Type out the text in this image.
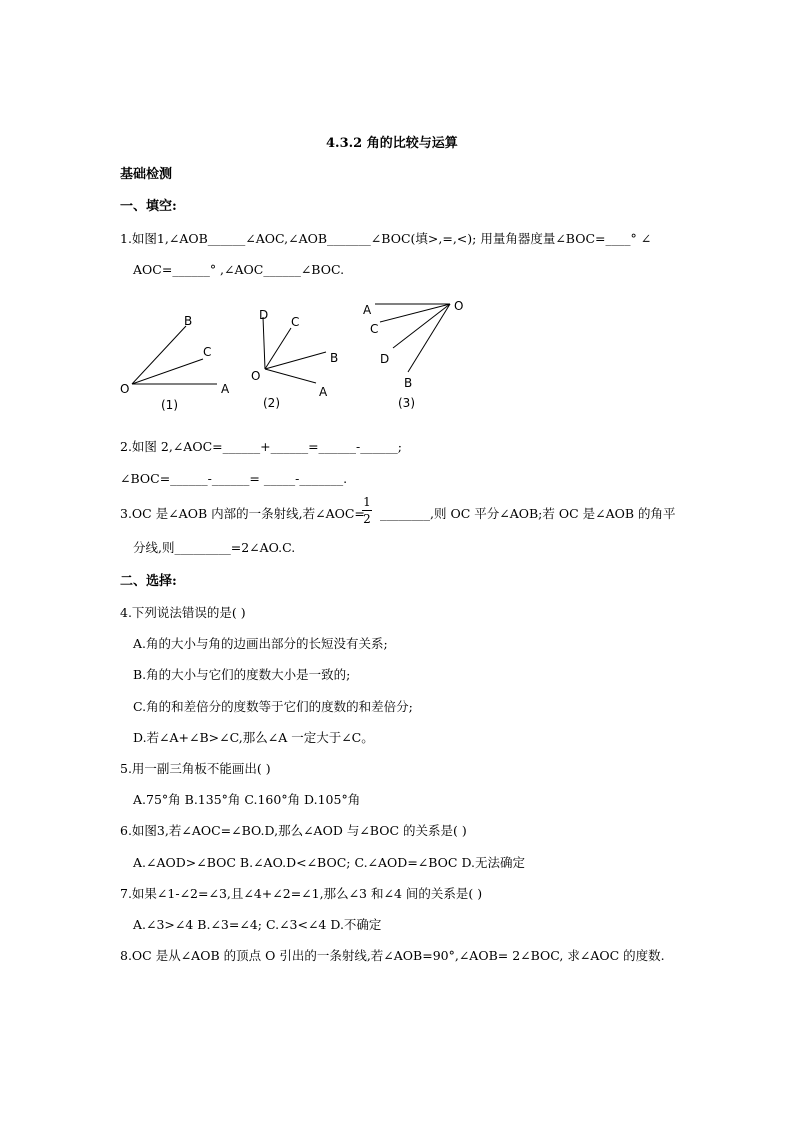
4.3.2 角的比较与运算
基础检测
一、填空:
1.如图1,∠AOB______∠AOC,∠AOB_______∠BOC(填>,=,<); 用量角器度量∠BOC=____° ∠
AOC=______° ,∠AOC______∠BOC.
B
C
O	A
(1)
D C
B
O
A
(2)
A	O
C
D
B
(3)
2.如图 2,∠AOC=______+______=______-______;
∠BOC=______-______= _____-_______.
3.OC 是∠AOB 内部的一条射线,若∠AOC=
1
2 ________,则 OC 平分∠AOB;若 OC 是∠AOB 的角平
分线,则_________=2∠AO.C.
二、选择:
4.下列说法错误的是( )
A.角的大小与角的边画出部分的长短没有关系;
B.角的大小与它们的度数大小是一致的;
C.角的和差倍分的度数等于它们的度数的和差倍分;
D.若∠A+∠B>∠C,那么∠A 一定大于∠C。
5.用一副三角板不能画出( )
A.75°角 B.135°角 C.160°角 D.105°角
6.如图3,若∠AOC=∠BO.D,那么∠AOD 与∠BOC 的关系是( )
A.∠AOD>∠BOC B.∠AO.D<∠BOC; C.∠AOD=∠BOC D.无法确定
7.如果∠1-∠2=∠3,且∠4+∠2=∠1,那么∠3 和∠4 间的关系是( )
A.∠3>∠4 B.∠3=∠4; C.∠3<∠4 D.不确定
8.OC 是从∠AOB 的顶点 O 引出的一条射线,若∠AOB=90°,∠AOB= 2∠BOC, 求∠AOC 的度数.
